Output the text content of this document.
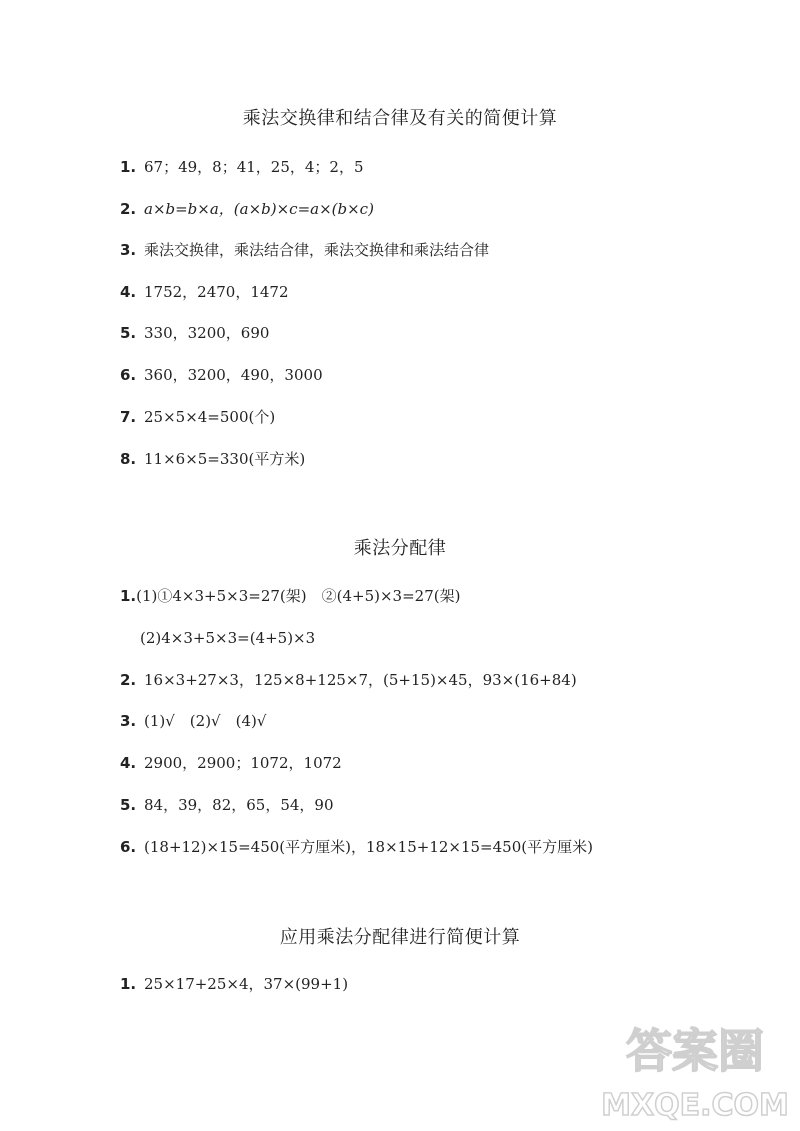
乘法交换律和结合律及有关的简便计算
1. 67；49，8；41，25，4；2，5
2. a×b=b×a，(a×b)×c=a×(b×c)
3. 乘法交换律，乘法结合律，乘法交换律和乘法结合律
4. 1752，2470，1472
5. 330，3200，690
6. 360，3200，490，3000
7. 25×5×4=500(个)
8. 11×6×5=330(平方米)
乘法分配律
1.(1)①4×3+5×3=27(架)　②(4+5)×3=27(架)
(2)4×3+5×3=(4+5)×3
2. 16×3+27×3，125×8+125×7，(5+15)×45，93×(16+84)
3. (1)√　(2)√　(4)√
4. 2900，2900；1072，1072
5. 84，39，82，65，54，90
6. (18+12)×15=450(平方厘米)，18×15+12×15=450(平方厘米)
应用乘法分配律进行简便计算
1. 25×17+25×4，37×(99+1)
答案圈
MXQE.COM
